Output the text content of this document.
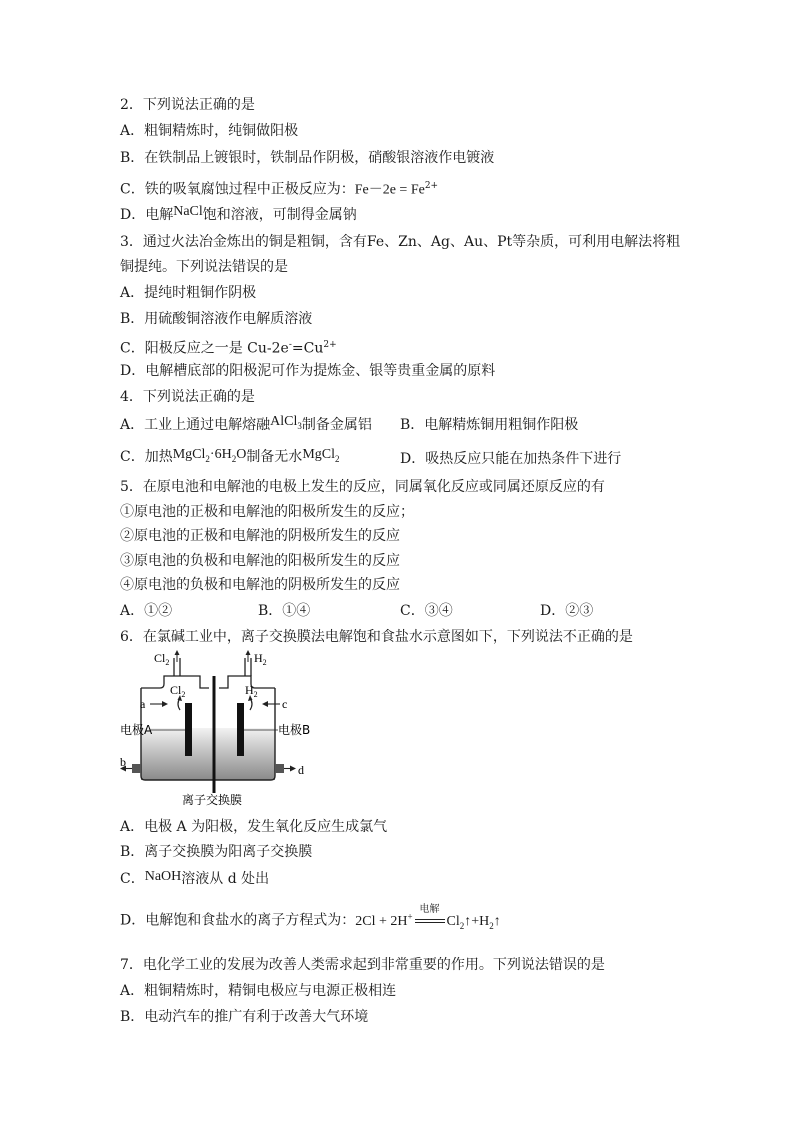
2．下列说法正确的是
A．粗铜精炼时，纯铜做阳极
B．在铁制品上镀银时，铁制品作阴极，硝酸银溶液作电镀液
C．铁的吸氧腐蚀过程中正极反应为：$Fe-2e = Fe^{2+}$
D．电解NaCl饱和溶液，可制得金属钠
3．通过火法冶金炼出的铜是粗铜，含有Fe、Zn、Ag、Au、Pt等杂质，可利用电解法将粗
铜提纯。下列说法错误的是
A．提纯时粗铜作阴极
B．用硫酸铜溶液作电解质溶液
C．阳极反应之一是 $Cu-2e^-=Cu^{2+}$
D．电解槽底部的阳极泥可作为提炼金、银等贵重金属的原料
4．下列说法正确的是
A．工业上通过电解熔融AlCl$_3$制备金属铝 B．电解精炼铜用粗铜作阳极
C．加热$MgCl_2\cdot 6H_2O$制备无水MgCl$_2$	D．吸热反应只能在加热条件下进行
5．在原电池和电解池的电极上发生的反应，同属氧化反应或同属还原反应的有
①原电池的正极和电解池的阳极所发生的反应；
②原电池的正极和电解池的阴极所发生的反应
③原电池的负极和电解池的阳极所发生的反应
④原电池的负极和电解池的阴极所发生的反应
A．①②	B．①④	C．③④	D．②③
6．在氯碱工业中，离子交换膜法电解饱和食盐水示意图如下，下列说法不正确的是
$Cl_2$	$H_2$
$Cl_2$	$H_2$
a	c
电极A	电极B
b
d
离子交换膜
A．电极 A 为阳极，发生氧化反应生成氯气
B．离子交换膜为阳离子交换膜
C．NaOH溶液从 d 处出
D．电解饱和食盐水的离子方程式为：2Cl + 2H+
电解
$Cl_2↑+H_2↑$
7．电化学工业的发展为改善人类需求起到非常重要的作用。下列说法错误的是
A．粗铜精炼时，精铜电极应与电源正极相连
B．电动汽车的推广有利于改善大气环境
